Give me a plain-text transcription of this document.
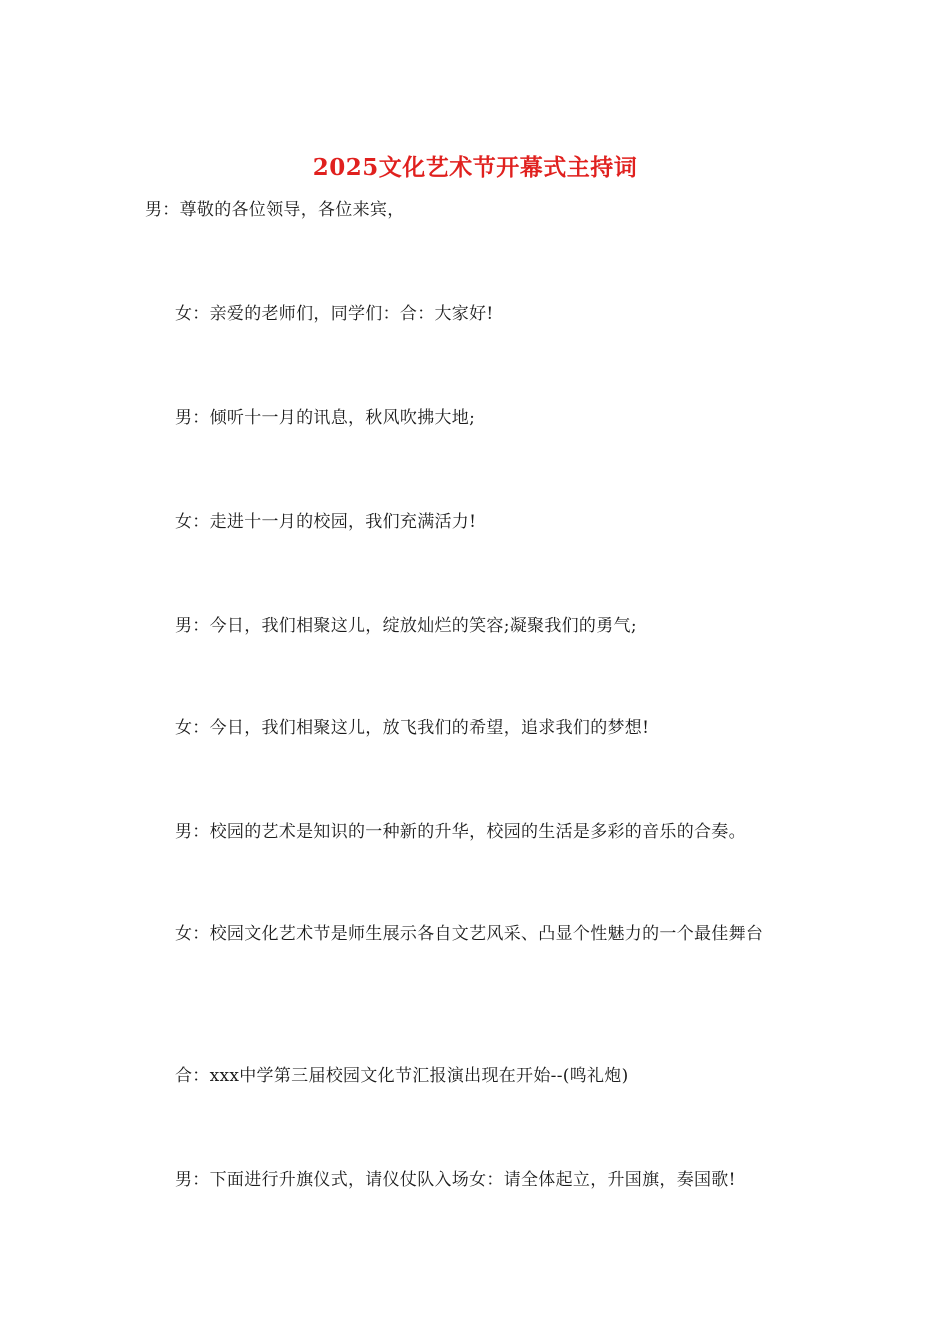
2025文化艺术节开幕式主持词
男：尊敬的各位领导，各位来宾，
女：亲爱的老师们，同学们：合：大家好!
男：倾听十一月的讯息，秋风吹拂大地;
女：走进十一月的校园，我们充满活力!
男：今日，我们相聚这儿，绽放灿烂的笑容;凝聚我们的勇气;
女：今日，我们相聚这儿，放飞我们的希望，追求我们的梦想!
男：校园的艺术是知识的一种新的升华，校园的生活是多彩的音乐的合奏。
女：校园文化艺术节是师生展示各自文艺风采、凸显个性魅力的一个最佳舞台
合：xxx中学第三届校园文化节汇报演出现在开始--(鸣礼炮)
男：下面进行升旗仪式，请仪仗队入场女：请全体起立，升国旗，奏国歌!
